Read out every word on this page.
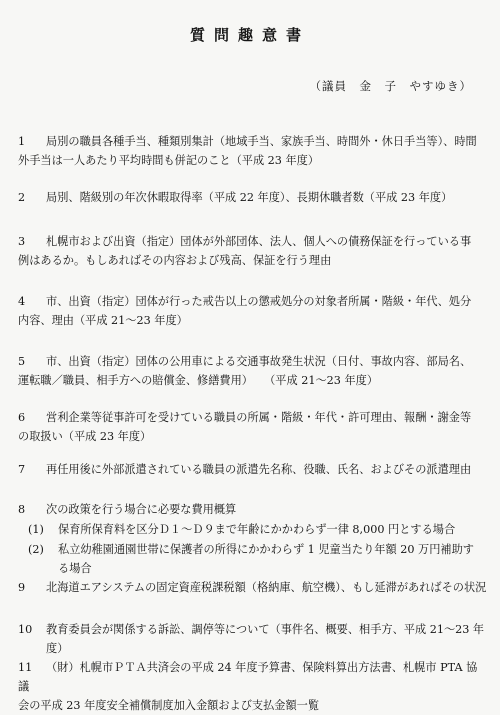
質問趣意書
（議員　金　子　やすゆき）
1	局別の職員各種手当、種類別集計（地域手当、家族手当、時間外・休日手当等）、時間
外手当は一人あたり平均時間も併記のこと（平成 23 年度）
2	局別、階級別の年次休暇取得率（平成 22 年度）、長期休職者数（平成 23 年度）
3	札幌市および出資（指定）団体が外部団体、法人、個人への債務保証を行っている事
例はあるか。もしあればその内容および残高、保証を行う理由
4	市、出資（指定）団体が行った戒告以上の懲戒処分の対象者所属・階級・年代、処分
内容、理由（平成 21～23 年度）
5	市、出資（指定）団体の公用車による交通事故発生状況（日付、事故内容、部局名、
運転職／職員、相手方への賠償金、修繕費用）　　（平成 21～23 年度）
6	営利企業等従事許可を受けている職員の所属・階級・年代・許可理由、報酬・謝金等
の取扱い（平成 23 年度）
7	再任用後に外部派遣されている職員の派遣先名称、役職、氏名、およびその派遣理由
8	次の政策を行う場合に必要な費用概算
(1) 保育所保育料を区分Ｄ１～Ｄ９まで年齢にかかわらず一律 8,000 円とする場合
(2) 私立幼稚園通園世帯に保護者の所得にかかわらず 1 児童当たり年額 20 万円補助す
る場合
9	北海道エアシステムの固定資産税課税額（格納庫、航空機）、もし延滞があればその状況
10	教育委員会が関係する訴訟、調停等について（事件名、概要、相手方、平成 21～23 年度）
11	（財）札幌市ＰＴＡ共済会の平成 24 年度予算書、保険料算出方法書、札幌市 PTA 協議
会の平成 23 年度安全補償制度加入金額および支払金額一覧
